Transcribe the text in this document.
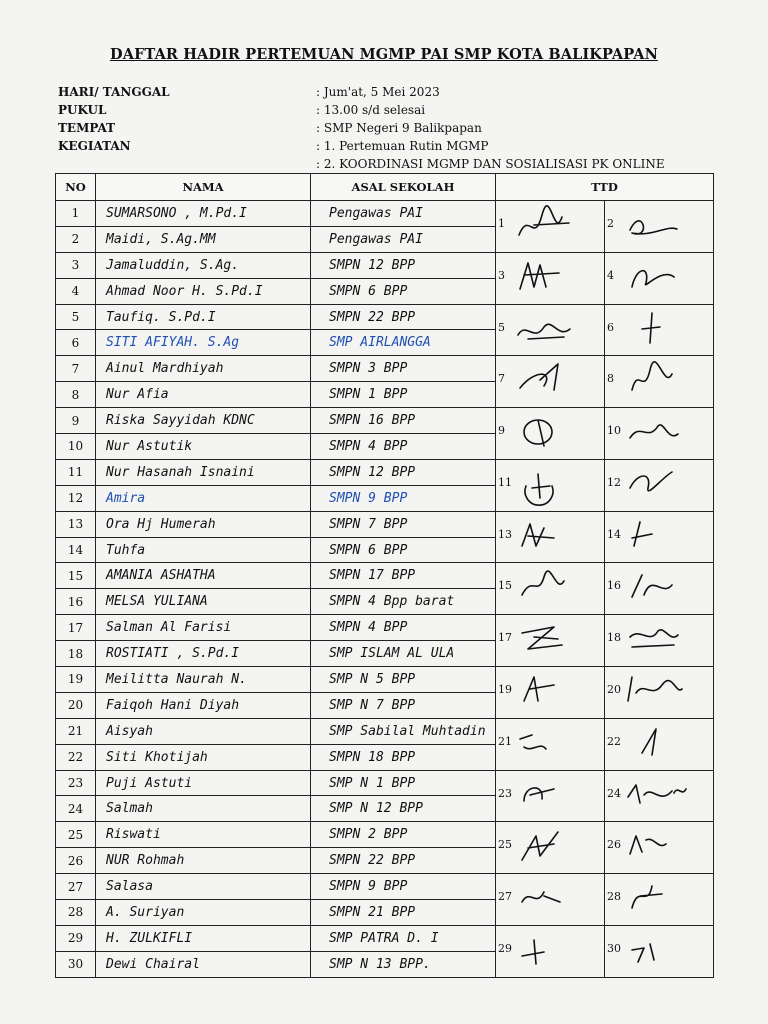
DAFTAR HADIR PERTEMUAN MGMP PAI SMP KOTA BALIKPAPAN
HARI/ TANGGAL	: Jum'at, 5 Mei 2023
PUKUL	: 13.00 s/d selesai
TEMPAT	: SMP Negeri 9 Balikpapan
KEGIATAN	: 1. Pertemuan Rutin MGMP
: 2. KOORDINASI MGMP DAN SOSIALISASI PK ONLINE
NO	NAMA	ASAL SEKOLAH	TTD
1	SUMARSONO , M.Pd.I	Pengawas PAI	1 2

2	Maidi, S.Ag.MM	Pengawas PAI	
3	Jamaluddin, S.Ag.	SMPN 12 BPP	3 4

4	Ahmad Noor H. S.Pd.I	SMPN 6 BPP	
5	Taufiq. S.Pd.I	SMPN 22 BPP	5 6

6	SITI AFIYAH. S.Ag	SMP AIRLANGGA	
7	Ainul Mardhiyah	SMPN 3 BPP	7 8

8	Nur Afia	SMPN 1 BPP	
9	Riska Sayyidah KDNC	SMPN 16 BPP	9 10

10	Nur Astutik	SMPN 4 BPP	
11	Nur Hasanah Isnaini	SMPN 12 BPP	11 12

12	Amira	SMPN 9 BPP	
13	Ora Hj Humerah	SMPN 7 BPP	13 14

14	Tuhfa	SMPN 6 BPP	
15	AMANIA ASHATHA	SMPN 17 BPP	15 16

16	MELSA YULIANA	SMPN 4 Bpp barat	
17	Salman Al Farisi	SMPN 4 BPP	17 18

18	ROSTIATI , S.Pd.I	SMP ISLAM AL ULA	
19	Meilitta Naurah N.	SMP N 5 BPP	19 20

20	Faiqoh Hani Diyah	SMP N 7 BPP	
21	Aisyah	SMP Sabilal Muhtadin	21 22

22	Siti Khotijah	SMPN 18 BPP	
23	Puji Astuti	SMP N 1 BPP	23 24

24	Salmah	SMP N 12 BPP	
25	Riswati	SMPN 2 BPP	25 26

26	NUR Rohmah	SMPN 22 BPP	
27	Salasa	SMPN 9 BPP	27 28

28	A. Suriyan	SMPN 21 BPP	
29	H. ZULKIFLI	SMP PATRA D. I	29 30

30	Dewi Chairal	SMP N 13 BPP.	
